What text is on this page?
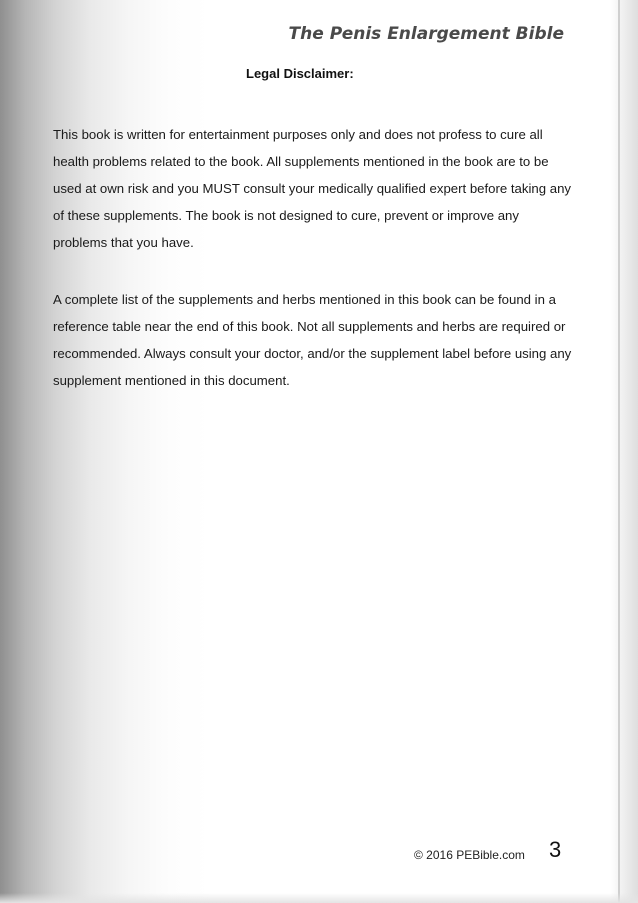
The Penis Enlargement Bible
Legal Disclaimer:

This book is written for entertainment purposes only and does not profess to cure all health problems related to the book. All supplements mentioned in the book are to be used at own risk and you MUST consult your medically qualified expert before taking any of these supplements. The book is not designed to cure, prevent or improve any problems that you have.

A complete list of the supplements and herbs mentioned in this book can be found in a reference table near the end of this book. Not all supplements and herbs are required or recommended. Always consult your doctor, and/or the supplement label before using any supplement mentioned in this document.

© 2016 PEBible.com 3
